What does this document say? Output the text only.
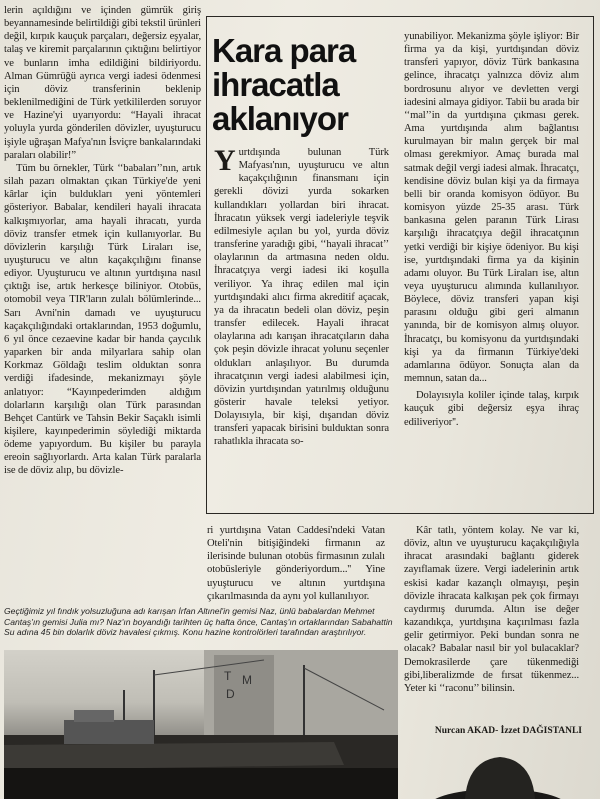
lerin açıldığını ve içinden gümrük giriş beyannamesinde belirtildiği gibi tekstil ürünleri değil, kırpık kauçuk parçaları, değersiz eşyalar, talaş ve kiremit parçalarının çıktığını belirtiyor ve bunların imha edildiğini bildiriyordu. Alman Gümrüğü ayrıca vergi iadesi ödenmesi için döviz transferinin beklenip beklenilmediğini de Türk yetkililerden soruyor ve Hazine'yi uyarıyordu: “Hayali ihracat yoluyla yurda gönderilen dövizler, uyuşturucu işiyle uğraşan Mafya'nın İsviçre bankalarındaki paraları olabilir!”

Tüm bu örnekler, Türk ‘‘babaları’’nın, artık silah pazarı olmaktan çıkan Türkiye'de yeni kârlar için buldukları yeni yöntemleri gösteriyor. Babalar, kendileri hayali ihracata kalkışmıyorlar, ama hayali ihracatı, yurda döviz transfer etmek için kullanıyorlar. Bu dövizlerin karşılığı Türk Liraları ise, uyuşturucu ve altın kaçakçılığını finanse ediyor. Uyuşturucu ve altının yurtdışına nasıl çıktığı ise, artık herkesçe biliniyor. Otobüs, otomobil veya TIR'ların zulalı bölümlerinde... Sarı Avni'nin damadı ve uyuşturucu kaçakçılığındaki ortaklarından, 1953 doğumlu, 6 yıl önce cezaevine kadar bir handa çaycılık yaparken bir anda milyarlara sahip olan Korkmaz Göldağı teslim olduktan sonra verdiği ifadesinde, mekanizmayı şöyle anlatıyor: “Kayınpederimden aldığım dolarların karşılığı olan Türk parasından Behçet Cantürk ve Tahsin Bekir Saçaklı isimli kişilere, kayınpederimin söylediği miktarda ödeme yapıyordum. Bu kişiler bu parayla ereoin sağlıyorlardı. Arta kalan Türk paralarla ise de döviz alıp, bu dövizle-

Kara para
ihracatla
aklanıyor

Yurtdışında bulunan Türk Mafyası'nın, uyuşturucu ve altın kaçakçılığının finansmanı için gerekli dövizi yurda sokarken kullandıkları yollardan biri ihracat. İhracatın yüksek vergi iadeleriyle teşvik edilmesiyle açılan bu yol, yurda döviz transferine yaradığı gibi, ‘‘hayali ihracat’’ olaylarının da artmasına neden oldu. İhracatçıya vergi iadesi iki koşulla veriliyor. Ya ihraç edilen mal için yurtdışındaki alıcı firma akreditif açacak, ya da ihracatın bedeli olan döviz, peşin transfer edilecek. Hayali ihracat olaylarına adı karışan ihracatçıların daha çok peşin dövizle ihracat yolunu seçenler oldukları anlaşılıyor. Bu durumda ihracatçının vergi iadesi alabilmesi için, dövizin yurtdışından yatırılmış olduğunu gösterir havale teleksi yetiyor. Dolayısıyla, bir kişi, dışarıdan döviz transferi yapacak birisini bulduktan sonra rahatlıkla ihracata so-

yunabiliyor. Mekanizma şöyle işliyor: Bir firma ya da kişi, yurtdışından döviz transferi yapıyor, döviz Türk bankasına gelince, ihracatçı yalnızca döviz alım bordrosunu alıyor ve devletten vergi iadesini almaya gidiyor. Tabii bu arada bir ‘‘mal’’in da yurtdışına çıkması gerek. Ama yurtdışında alım bağlantısı kurulmayan bir malın gerçek bir mal olması gerekmiyor. Amaç burada mal satmak değil vergi iadesi almak. İhracatçı, kendisine döviz bulan kişi ya da firmaya belli bir oranda komisyon ödüyor. Bu komisyon yüzde 25-35 arası. Türk bankasına gelen paranın Türk Lirası karşılığı ihracatçıya değil ihracatçının yetki verdiği bir kişiye ödeniyor. Bu kişi ise, yurtdışındaki firma ya da kişinin adamı oluyor. Bu Türk Liraları ise, altın veya uyuşturucu alımında kullanılıyor. Böylece, döviz transferi yapan kişi parasını olduğu gibi geri almanın yanında, bir de komisyon almış oluyor. İhracatçı, bu komisyonu da yurtdışındaki kişi ya da firmanın Türkiye'deki adamlarına ödüyor. Sonuçta alan da memnun, satan da...

Dolayısıyla koliler içinde talaş, kırpık kauçuk gibi değersiz eşya ihraç ediliveriyor''.

ri yurtdışına Vatan Caddesi'ndeki Vatan Oteli'nin bitişiğindeki firmanın az ilerisinde bulunan otobüs firmasının zulalı otobüsleriyle gönderiyordum...'' Yine uyuşturucu ve altının yurtdışına çıkarılmasında da aynı yol kullanılıyor.

Kâr tatlı, yöntem kolay. Ne var ki, döviz, altın ve uyuşturucu kaçakçılığıyla ihracat arasındaki bağlantı giderek zayıflamak üzere. Vergi iadelerinin artık eskisi kadar kazançlı olmayışı, peşin dövizle ihracata kalkışan pek çok firmayı caydırmış durumda. Altın ise değer kazandıkça, yurtdışına kaçırılması fazla gelir getirmiyor. Peki bundan sonra ne olacak? Babalar nasıl bir yol bulacaklar? Demokrasilerde çare tükenmediği gibi,liberalizmde de fırsat tükenmez... Yeter ki ‘‘raconu’’ bilinsin.

Nurcan AKAD- İzzet DAĞISTANLI
Geçtiğimiz yıl fındık yolsuzluğuna adı karışan İrfan Altınel'in gemisi Naz, ünlü babalardan Mehmet Cantaş'ın gemisi Julia mı? Naz'ın boyandığı tarihten üç hafta önce, Cantaş'ın ortaklarından Sabahattin Su adına 45 bin dolarlık döviz havalesi çıkmış. Konu hazine kontrolörleri tarafından araştırılıyor.
T M
D
